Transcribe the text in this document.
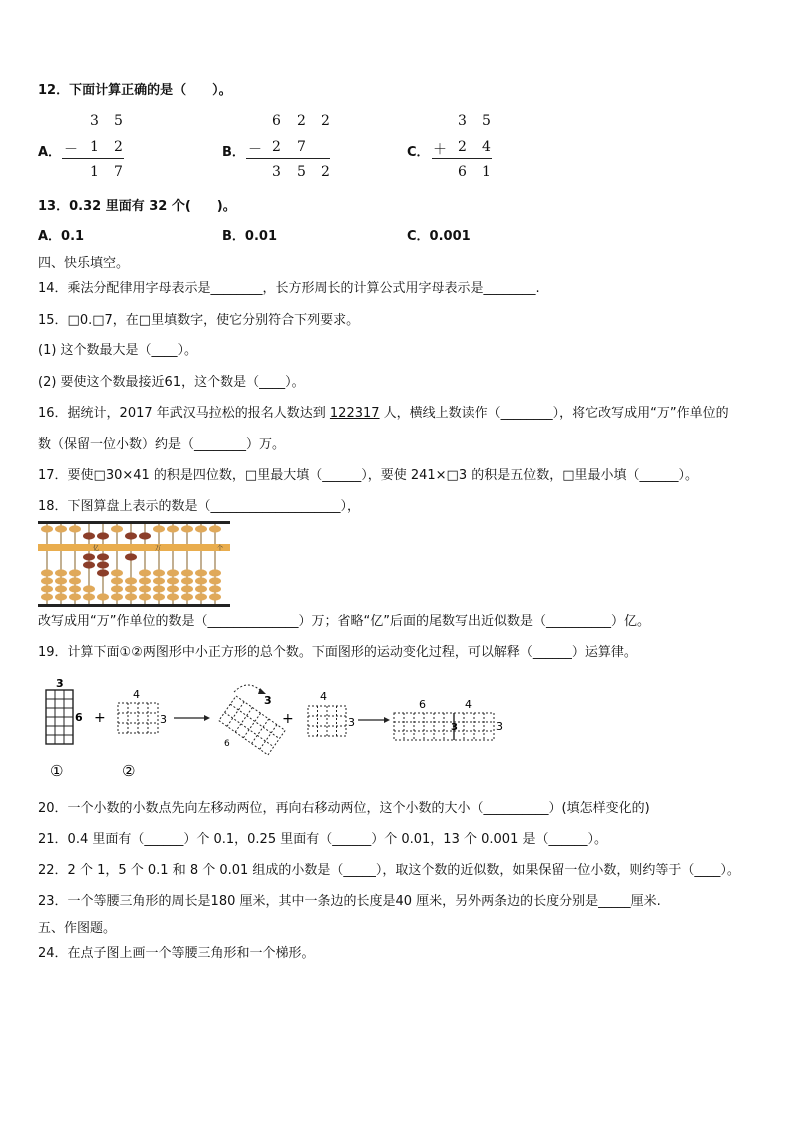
12．下面计算正确的是（　　）。
A．
3 5
－ 1 2
1 7
B．
6 2 2
－ 2 7
3 5 2
C．
3 5
＋ 2 4
6 1
13．0.32 里面有 32 个(　　)。
A．0.1	B．0.01	C．0.001
四、快乐填空。
14．乘法分配律用字母表示是________，长方形周长的计算公式用字母表示是________.
15．□0.□7，在□里填数字，使它分别符合下列要求。
(1) 这个数最大是（____）。
(2) 要使这个数最接近61，这个数是（____）。
16．据统计，2017 年武汉马拉松的报名人数达到 122317 人，横线上数读作（________），将它改写成用“万”作单位的
数（保留一位小数）约是（________）万。
17．要使□30×41 的积是四位数，□里最大填（______），要使 241×□3 的积是五位数，□里最小填（______）。
18．下图算盘上表示的数是（____________________），
亿	万	个
改写成用“万”作单位的数是（______________）万；省略“亿”后面的尾数写出近似数是（__________）亿。
19．计算下面①②两图形中小正方形的总个数。下面图形的运动变化过程，可以解释（______）运算律。
3
6 +
4
3
3
6
+
4
3
6	4
3	3
①	②
20．一个小数的小数点先向左移动两位，再向右移动两位，这个小数的大小（__________）(填怎样变化的)
21．0.4 里面有（______）个 0.1，0.25 里面有（______）个 0.01，13 个 0.001 是（______）。
22．2 个 1，5 个 0.1 和 8 个 0.01 组成的小数是（_____），取这个数的近似数，如果保留一位小数，则约等于（____）。
23．一个等腰三角形的周长是180 厘米，其中一条边的长度是40 厘米，另外两条边的长度分别是_____厘米.
五、作图题。
24．在点子图上画一个等腰三角形和一个梯形。
